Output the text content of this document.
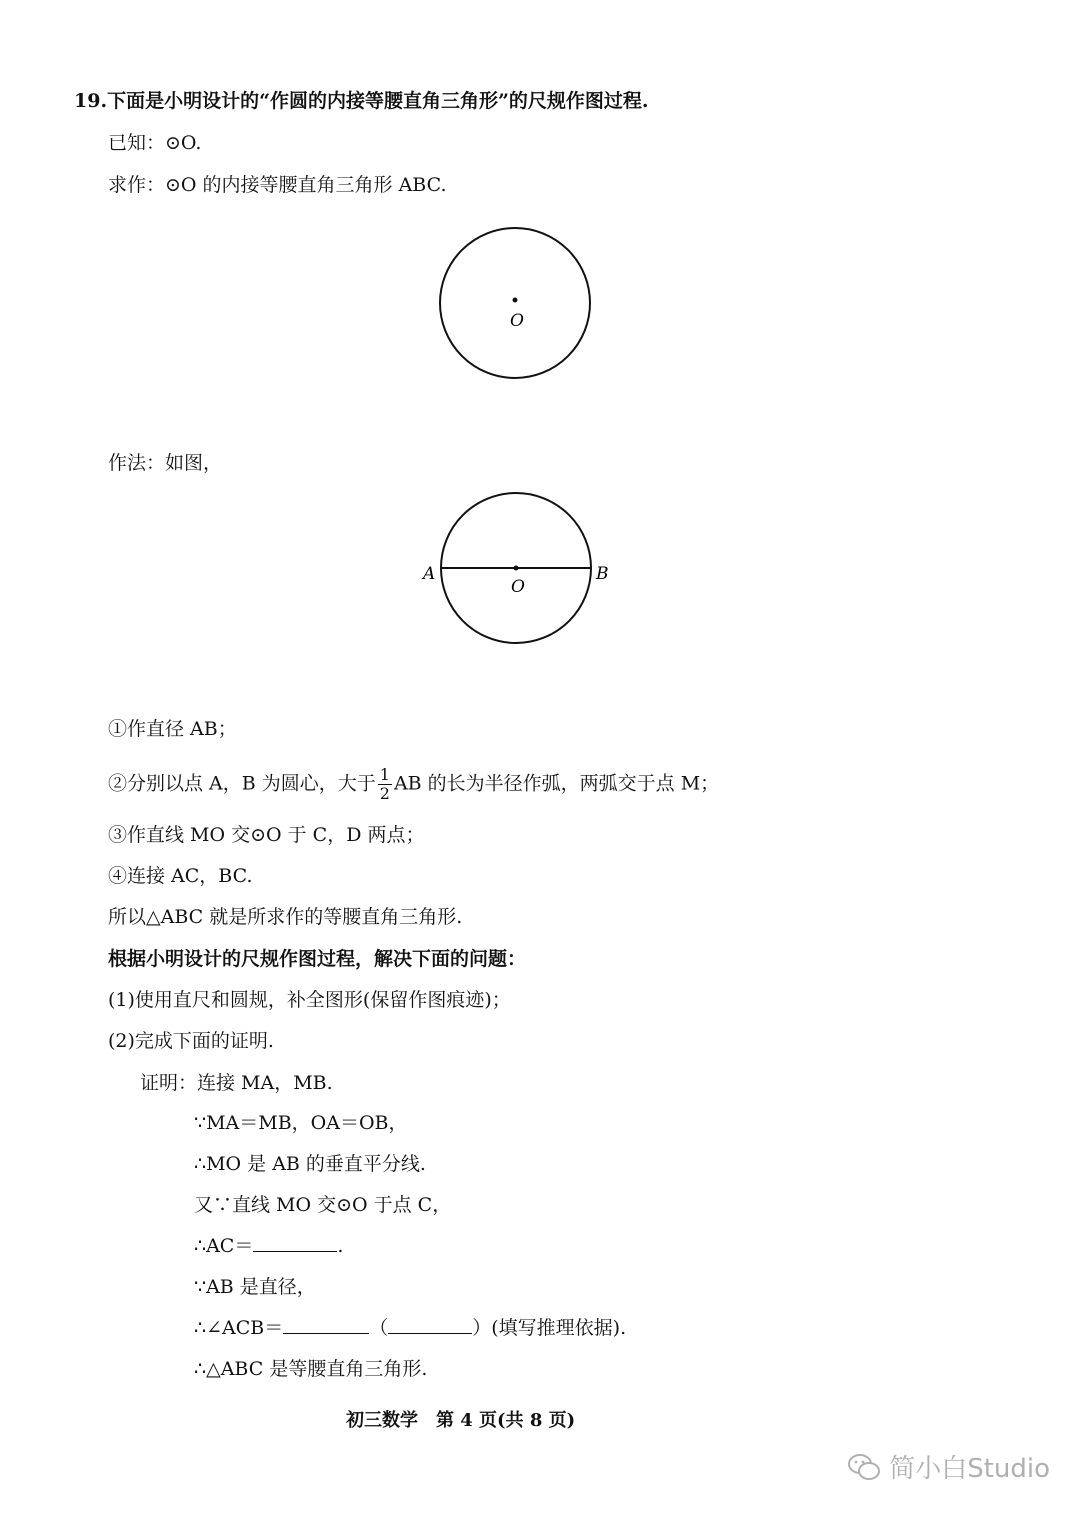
19.下面是小明设计的“作圆的内接等腰直角三角形”的尺规作图过程.
已知：⊙O.
求作：⊙O 的内接等腰直角三角形 ABC.
O
作法：如图，
A	B
O
①作直径 AB；
②分别以点 A，B 为圆心，大于 $\frac{1}{2}$ AB 的长为半径作弧，两弧交于点 M；
③作直线 MO 交⊙O 于 C，D 两点；
④连接 AC，BC.
所以△ABC 就是所求作的等腰直角三角形.
根据小明设计的尺规作图过程，解决下面的问题：
(1)使用直尺和圆规，补全图形(保留作图痕迹)；
(2)完成下面的证明.
证明：连接 MA，MB.
∵MA＝MB，OA＝OB，
∴MO 是 AB 的垂直平分线.
又∵直线 MO 交⊙O 于点 C，
∴AC＝	.
∵AB 是直径，
∴∠ACB＝	（	）(填写推理依据).
∴△ABC 是等腰直角三角形.
初三数学　第 4 页(共 8 页)
简小白Studio
